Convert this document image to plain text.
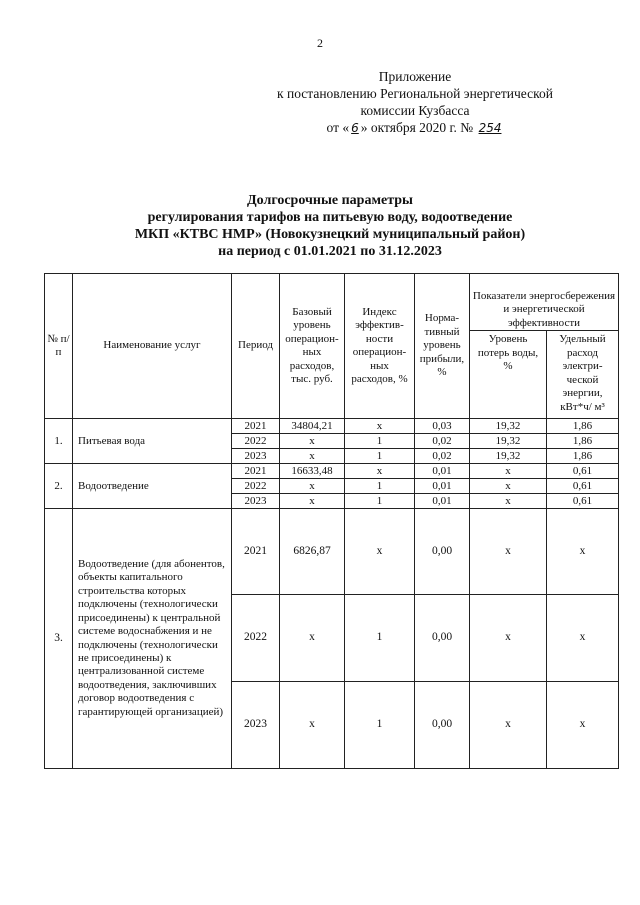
2
Приложение
к постановлению Региональной энергетической
комиссии Кузбасса
от « 6 » октября 2020 г. № 254
Долгосрочные параметры
регулирования тарифов на питьевую воду, водоотведение
МКП «КТВС НМР» (Новокузнецкий муниципальный район)
на период с 01.01.2021 по 31.12.2023
№ п/п	Наименование услуг	Период	Базовый уровень операцион-ных расходов, тыс. руб.	Индекс эффектив-ности операцион-ных расходов, %	Норма-тивный уровень прибыли, %	Показатели энергосбережения и энергетической эффективности	
						Уровень потерь воды, %	Удельный расход электри-ческой энергии, кВт*ч/ м³
1.	Питьевая вода	2021	34804,21	х	0,03	19,32	1,86
		2022	х	1	0,02	19,32	1,86
		2023	х	1	0,02	19,32	1,86
2.	Водоотведение	2021	16633,48	х	0,01	х	0,61
		2022	х	1	0,01	х	0,61
		2023	х	1	0,01	х	0,61
3.	Водоотведение (для абонентов, объекты капитального строительства которых подключены (технологически присоединены) к центральной системе водоснабжения и не подключены (технологически не присоединены) к централизованной системе водоотведения, заключивших договор водоотведения с гарантирующей организацией)	2021	6826,87	х	0,00	х	х
		2022	х	1	0,00	х	х
		2023	х	1	0,00	х	х
